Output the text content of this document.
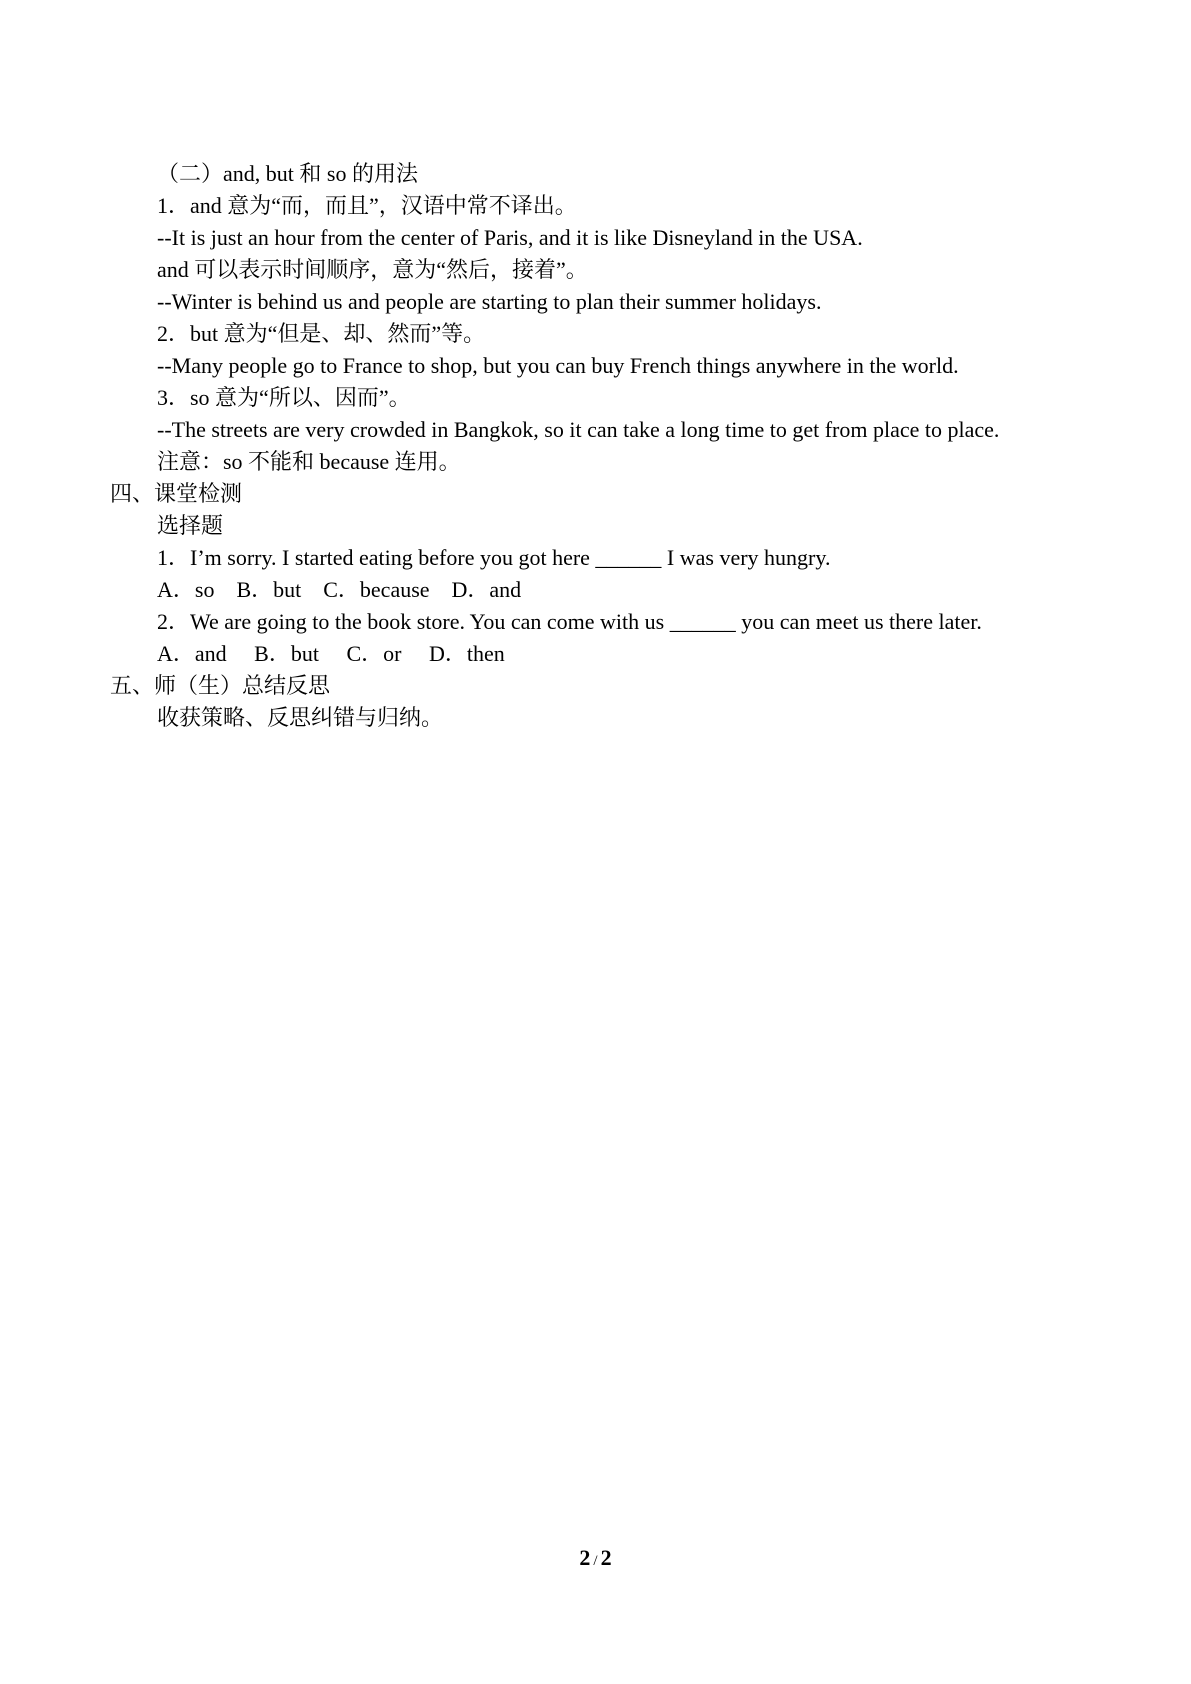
（二）and, but 和 so 的用法
1．and 意为“而，而且”，汉语中常不译出。
--It is just an hour from the center of Paris, and it is like Disneyland in the USA.
and 可以表示时间顺序，意为“然后，接着”。
--Winter is behind us and people are starting to plan their summer holidays.
2．but 意为“但是、却、然而”等。
--Many people go to France to shop, but you can buy French things anywhere in the world.
3．so 意为“所以、因而”。
--The streets are very crowded in Bangkok, so it can take a long time to get from place to place.
注意：so 不能和 because 连用。
四、课堂检测
选择题
1．I’m sorry. I started eating before you got here ______ I was very hungry.
A．so　B．but　C．because　D．and
2．We are going to the book store. You can come with us ______ you can meet us there later.
A．and　 B．but　 C．or　 D．then
五、师（生）总结反思
收获策略、反思纠错与归纳。
2 / 2
